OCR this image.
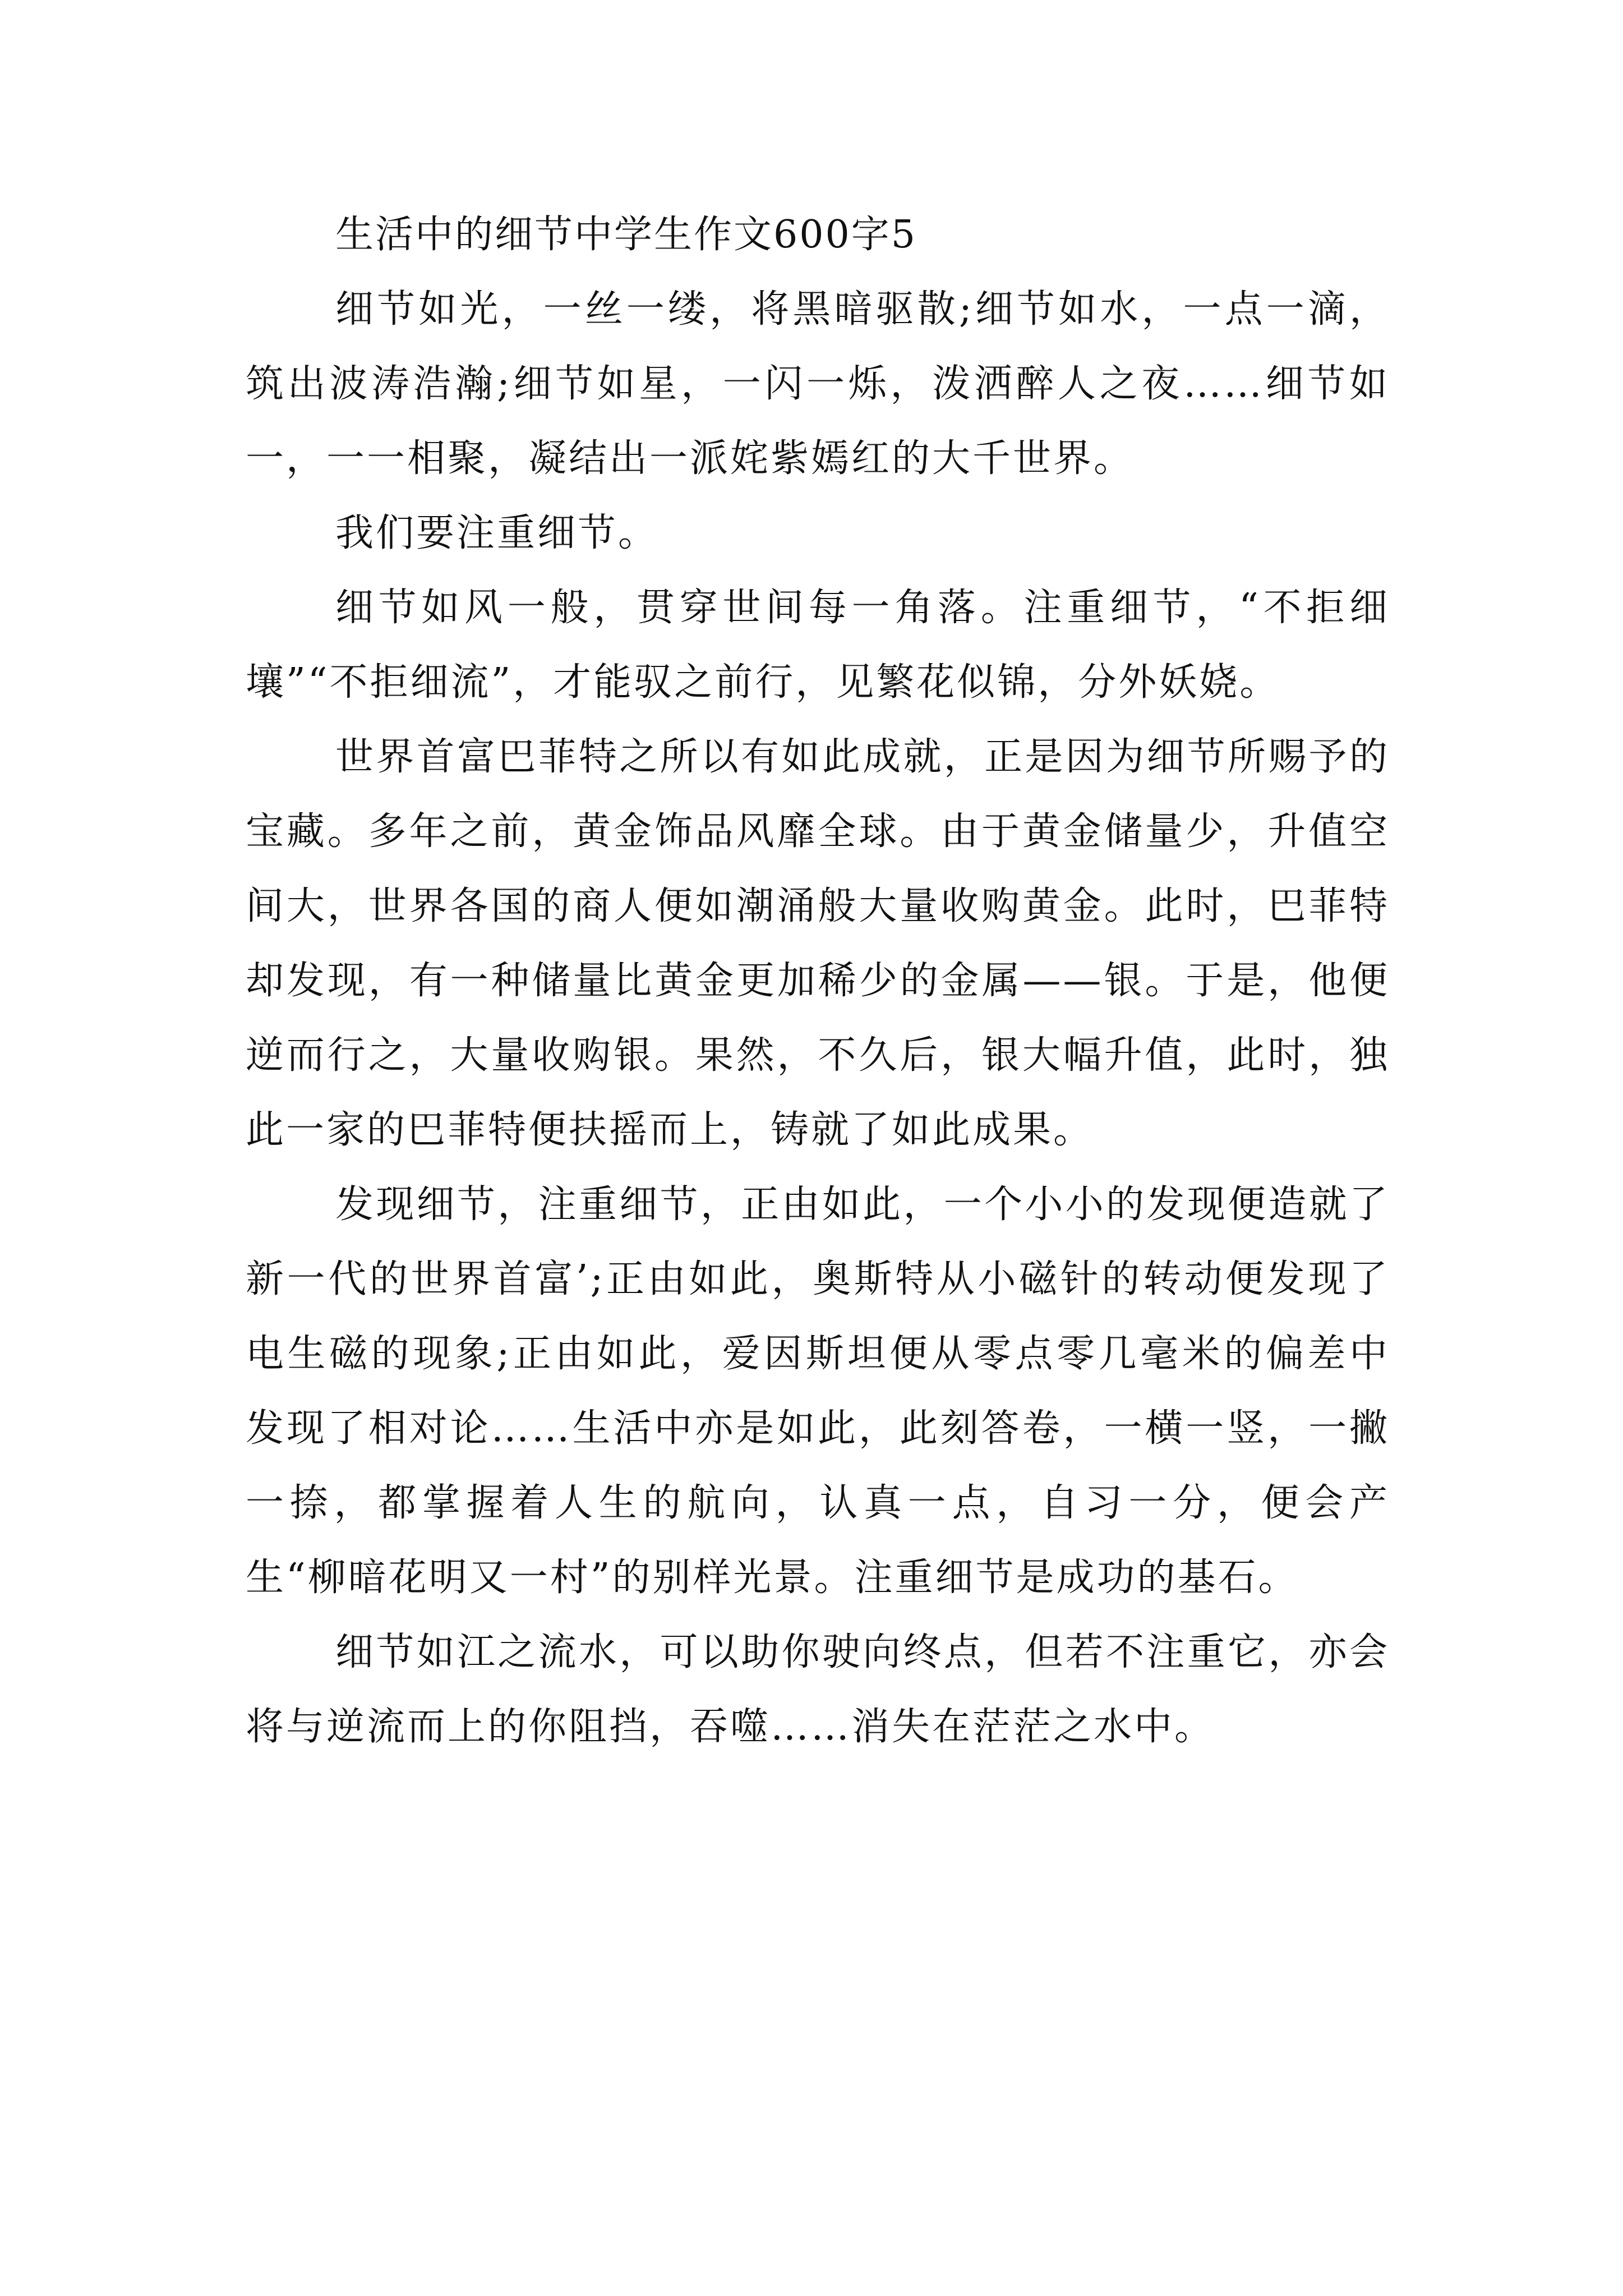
生活中的细节中学生作文600字5

细节如光，一丝一缕，将黑暗驱散;细节如水，一点一滴，筑出波涛浩瀚;细节如星，一闪一烁，泼洒醉人之夜……细节如一，一一相聚，凝结出一派姹紫嫣红的大千世界。

我们要注重细节。

细节如风一般，贯穿世间每一角落。注重细节，“不拒细壤”“不拒细流”，才能驭之前行，见繁花似锦，分外妖娆。

世界首富巴菲特之所以有如此成就，正是因为细节所赐予的宝藏。多年之前，黄金饰品风靡全球。由于黄金储量少，升值空间大，世界各国的商人便如潮涌般大量收购黄金。此时，巴菲特却发现，有一种储量比黄金更加稀少的金属——银。于是，他便逆而行之，大量收购银。果然，不久后，银大幅升值，此时，独此一家的巴菲特便扶摇而上，铸就了如此成果。

发现细节，注重细节，正由如此，一个小小的发现便造就了新一代的世界首富’;正由如此，奥斯特从小磁针的转动便发现了电生磁的现象;正由如此，爱因斯坦便从零点零几毫米的偏差中发现了相对论……生活中亦是如此，此刻答卷，一横一竖，一撇一捺，都掌握着人生的航向，认真一点，自习一分，便会产生“柳暗花明又一村”的别样光景。注重细节是成功的基石。

细节如江之流水，可以助你驶向终点，但若不注重它，亦会将与逆流而上的你阻挡，吞噬……消失在茫茫之水中。
